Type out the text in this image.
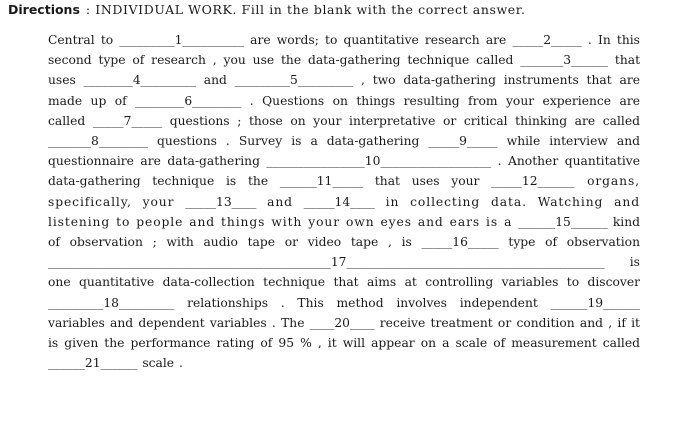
Directions : INDIVIDUAL WORK. Fill in the blank with the correct answer.
Central to _________1__________ are words; to quantitative research are _____2_____ . In this second type of research , you use the data-gathering technique called _______3______ that uses ________4_________ and _________5_________ , two data-gathering instruments that are made up of ________6________ . Questions on things resulting from your experience are called _____7_____ questions ; those on your interpretative or critical thinking are called _______8________ questions . Survey is a data-gathering _____9_____ while interview and questionnaire are data-gathering ________________10__________________ . Another quantitative data-gathering technique is the ______11_____ that uses your _____12______ organs, specifically, your _____13____ and _____14____ in collecting data. Watching and listening to people and things with your own eyes and ears is a ______15______ kind of observation ; with audio tape or video tape , is _____16_____ type of observation ______________________________________________17__________________________________________ is one quantitative data-collection technique that aims at controlling variables to discover _________18_________ relationships . This method involves independent ______19______ variables and dependent variables . The ____20____ receive treatment or condition and , if it is given the performance rating of 95 % , it will appear on a scale of measurement called ______21______ scale .
